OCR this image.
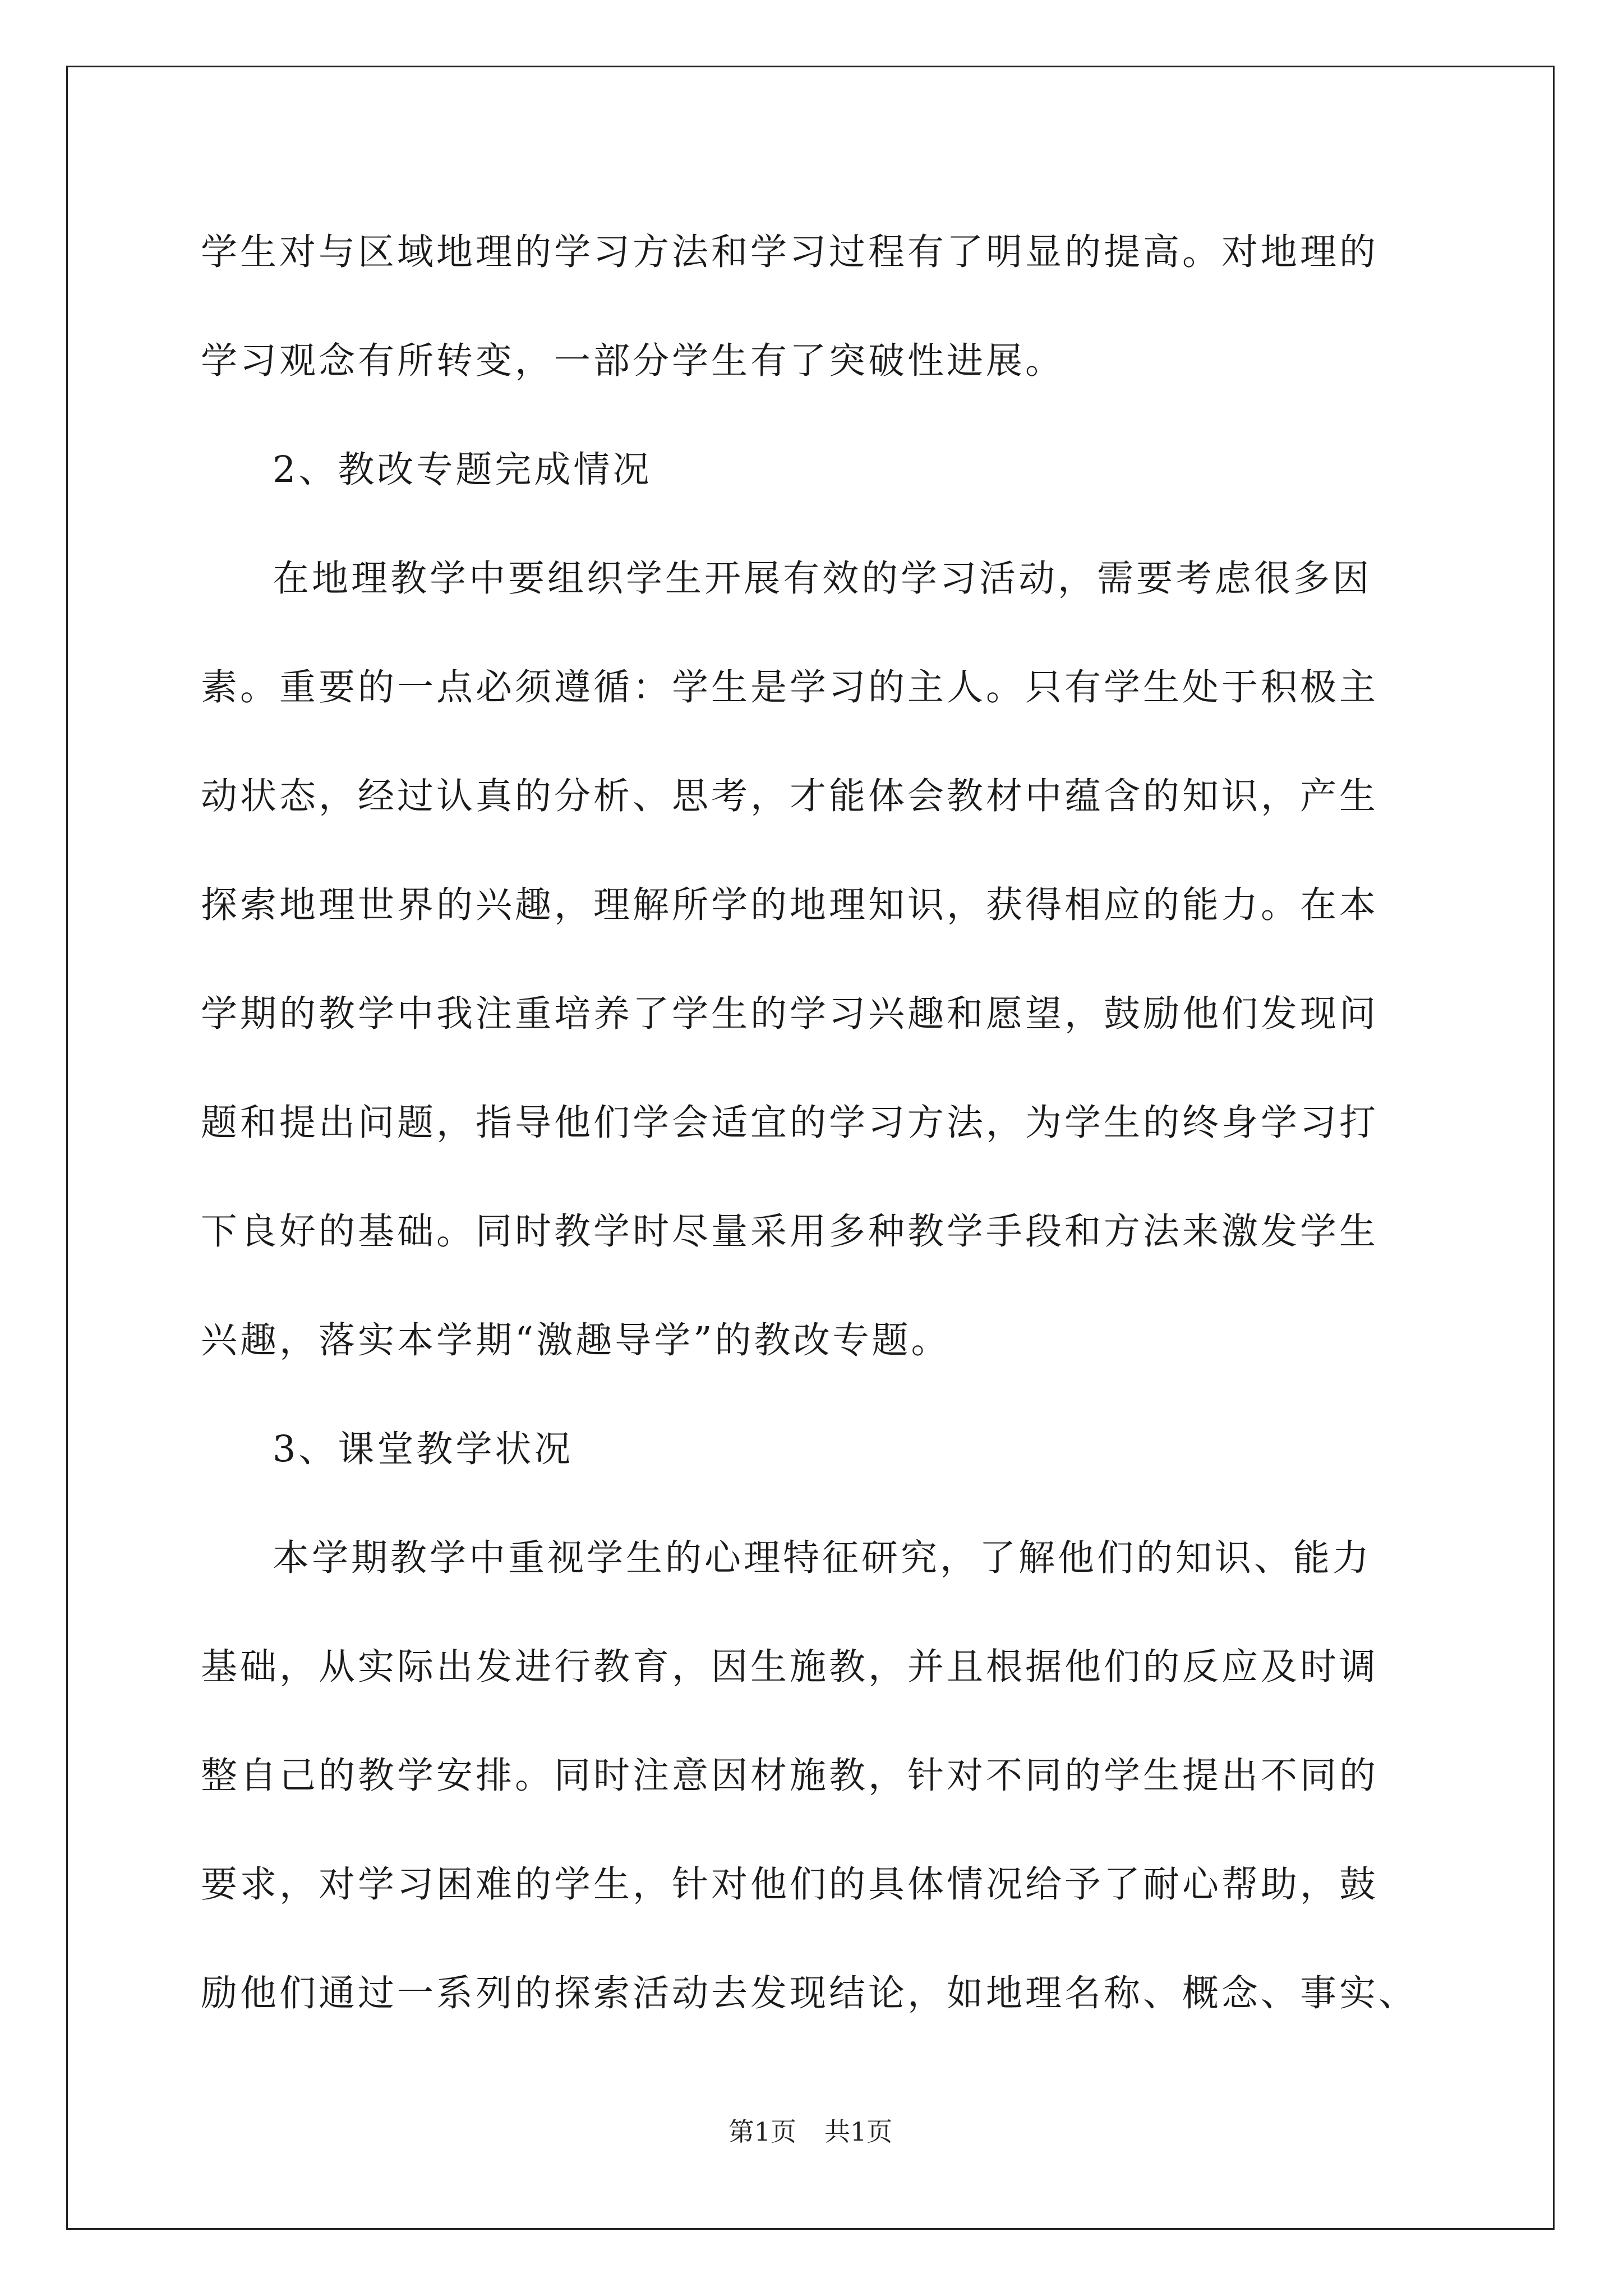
学生对与区域地理的学习方法和学习过程有了明显的提高。对地理的
学习观念有所转变，一部分学生有了突破性进展。
2、教改专题完成情况
在地理教学中要组织学生开展有效的学习活动，需要考虑很多因
素。重要的一点必须遵循：学生是学习的主人。只有学生处于积极主
动状态，经过认真的分析、思考，才能体会教材中蕴含的知识，产生
探索地理世界的兴趣，理解所学的地理知识，获得相应的能力。在本
学期的教学中我注重培养了学生的学习兴趣和愿望，鼓励他们发现问
题和提出问题，指导他们学会适宜的学习方法，为学生的终身学习打
下良好的基础。同时教学时尽量采用多种教学手段和方法来激发学生
兴趣，落实本学期“激趣导学”的教改专题。
3、课堂教学状况
本学期教学中重视学生的心理特征研究，了解他们的知识、能力
基础，从实际出发进行教育，因生施教，并且根据他们的反应及时调
整自己的教学安排。同时注意因材施教，针对不同的学生提出不同的
要求，对学习困难的学生，针对他们的具体情况给予了耐心帮助，鼓
励他们通过一系列的探索活动去发现结论，如地理名称、概念、事实、
第1页 共1页
